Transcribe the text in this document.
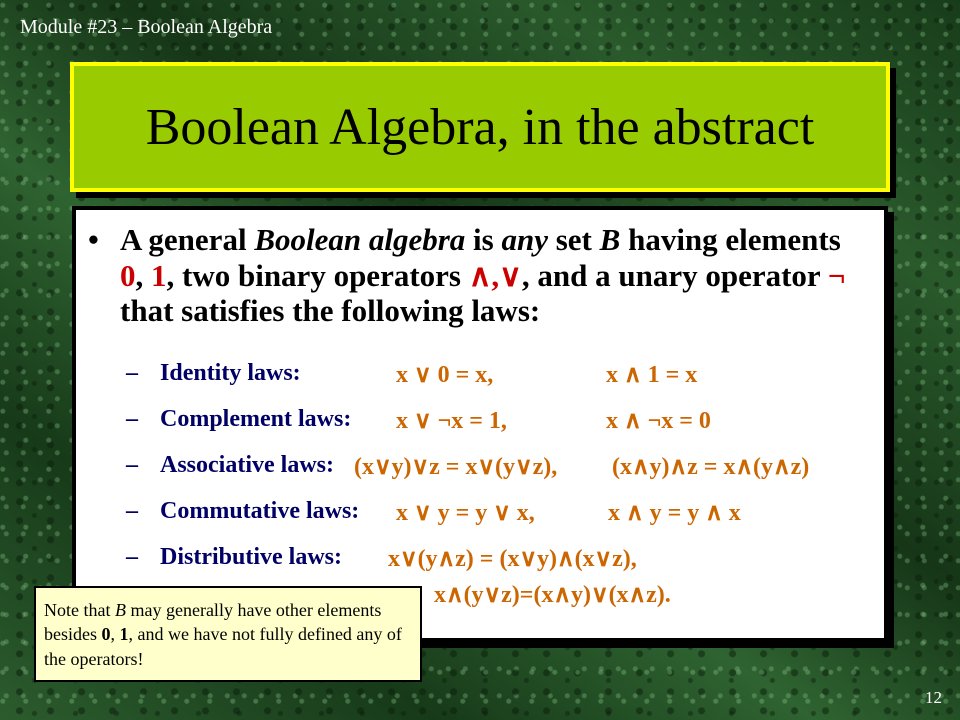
Module #23 – Boolean Algebra
Boolean Algebra, in the abstract
• A general Boolean algebra is any set B having elements 0, 1, two binary operators ∧,∨, and a unary operator ¬ that satisfies the following laws:
– Identity laws:	x ∨ 0 = x,	x ∧ 1 = x
– Complement laws: x ∨ ¬x = 1,	x ∧ ¬x = 0
– Associative laws: (x∨y)∨z = x∨(y∨z), (x∧y)∧z = x∧(y∧z)
– Commutative laws: x ∨ y = y ∨ x,	x ∧ y = y ∧ x
– Distributive laws: x∨(y∧z) = (x∨y)∧(x∨z),
x∧(y∨z)=(x∧y)∨(x∧z).
Note that B may generally have other elements besides 0, 1, and we have not fully defined any of the operators!
12
